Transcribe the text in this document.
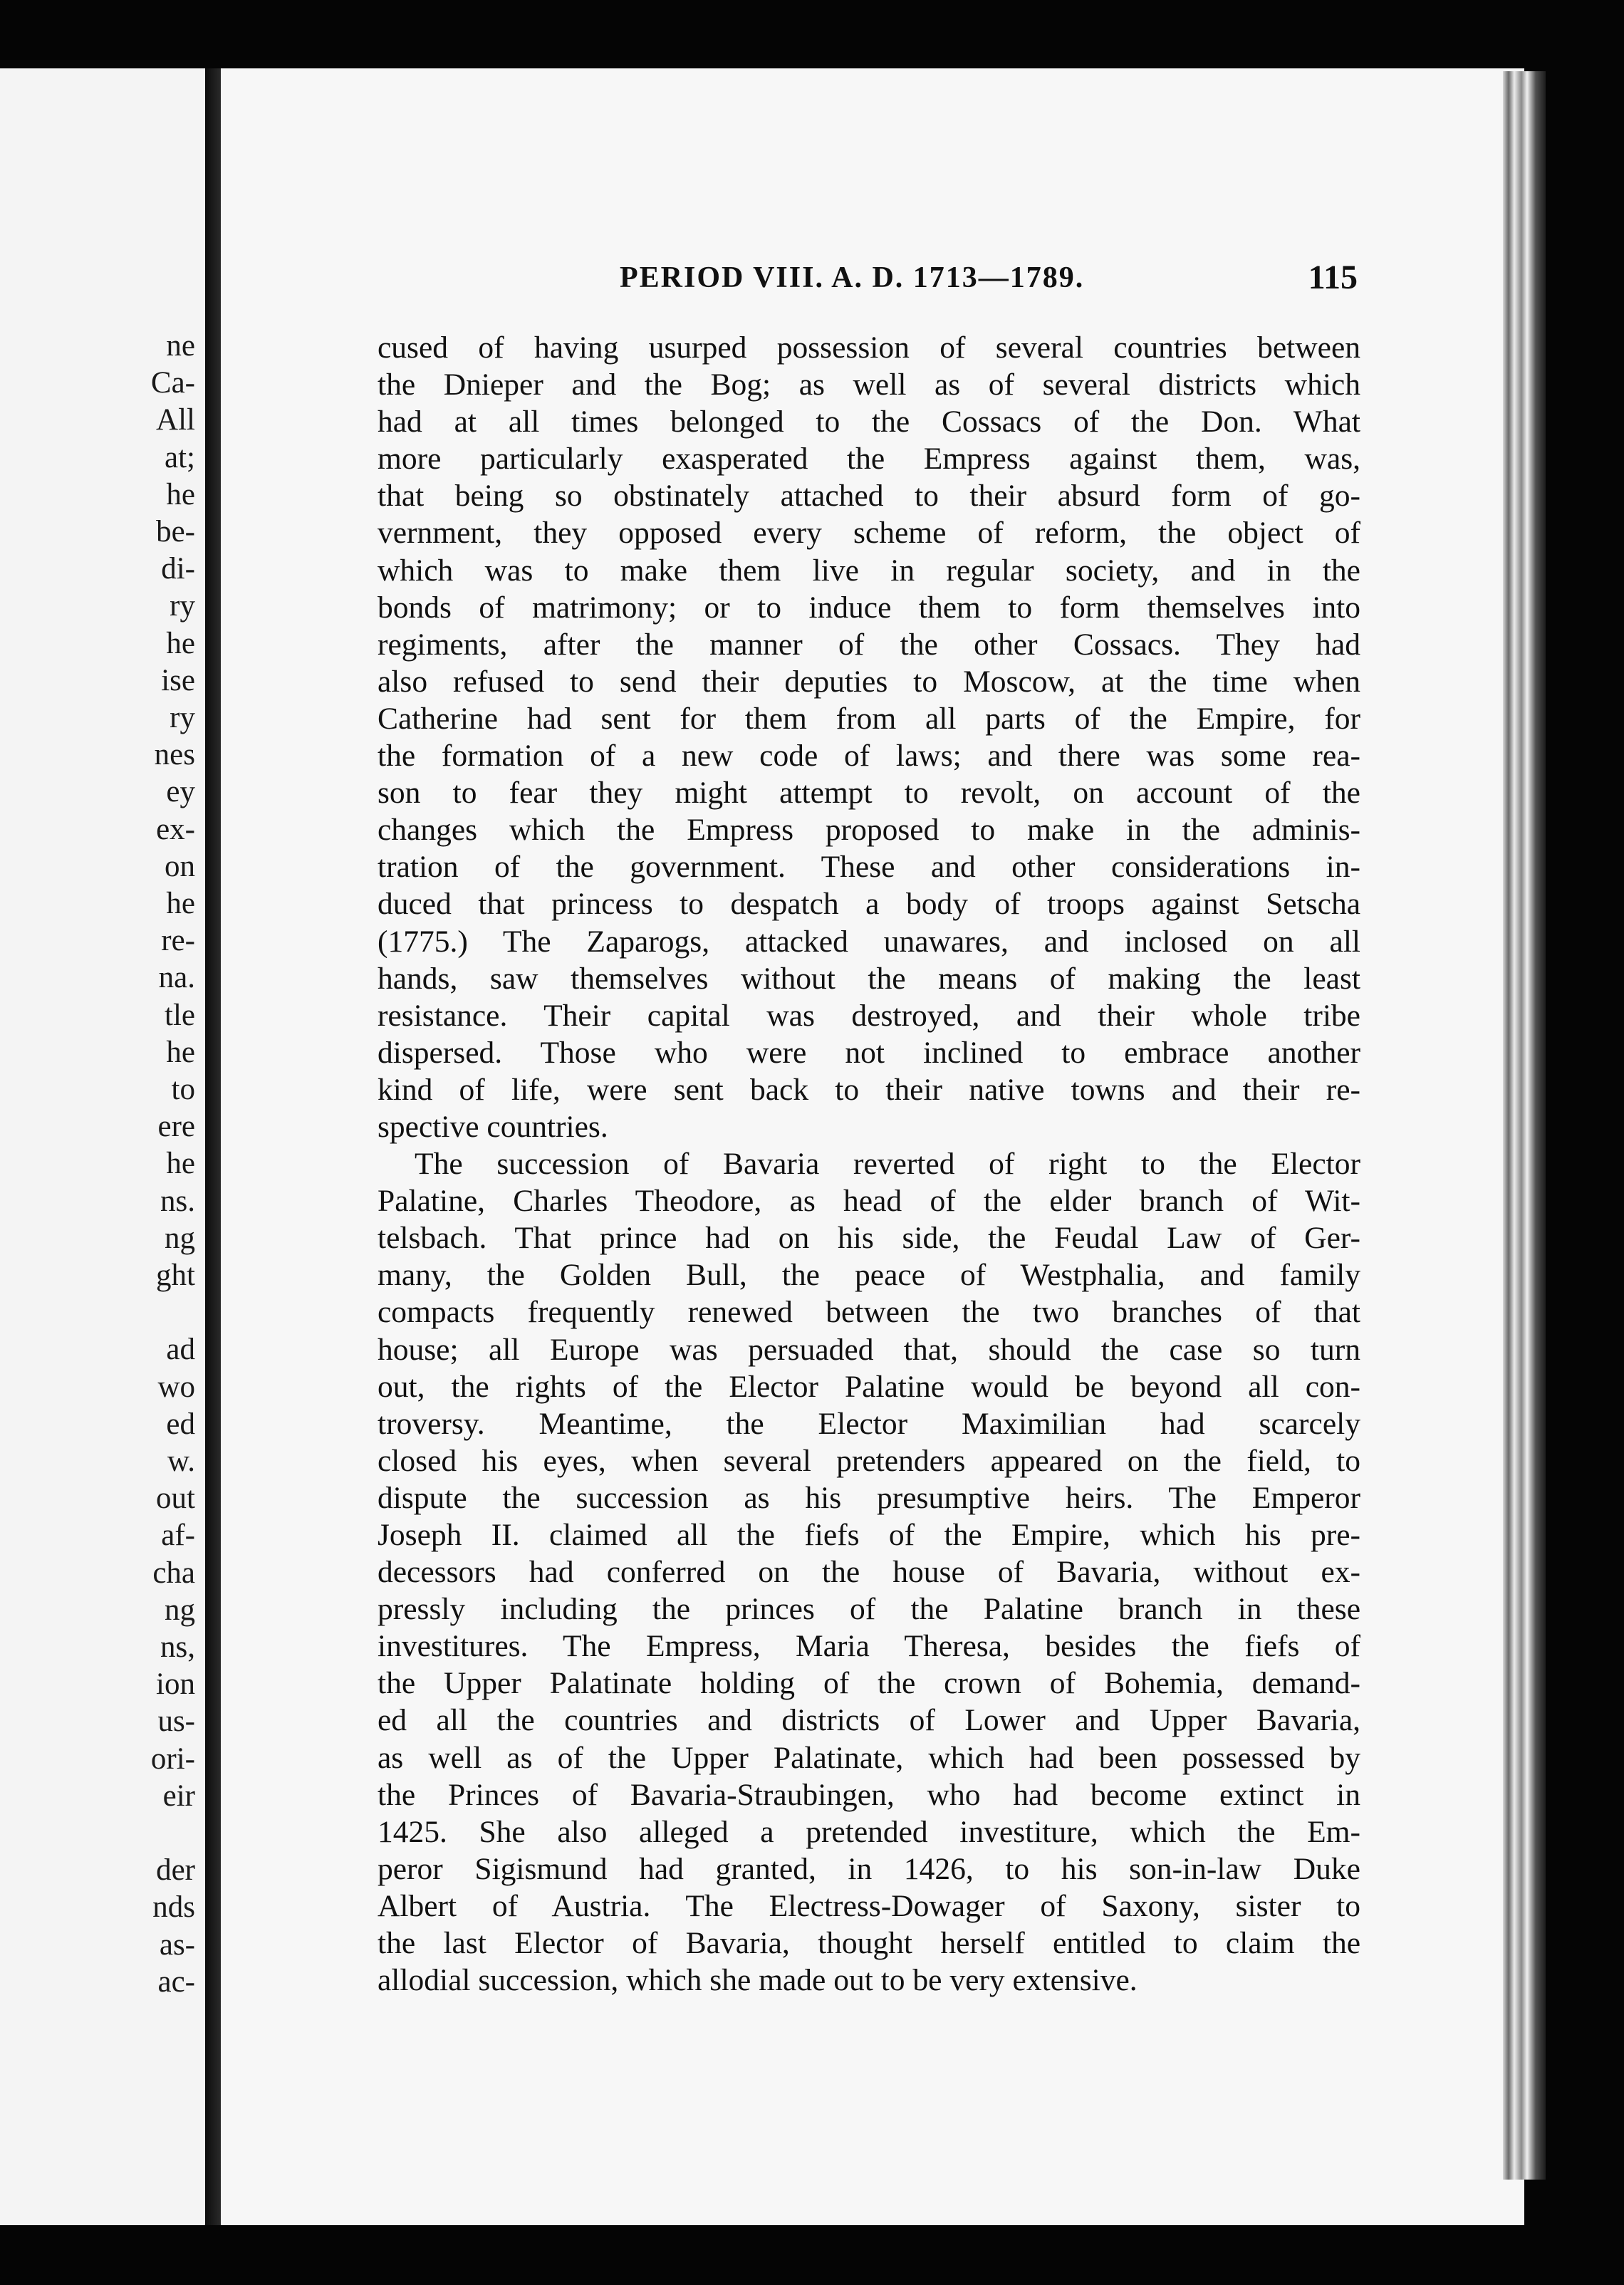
ne
Ca-
All
at;
he
be-
di-
ry
he
ise
ry
nes
ey
ex-
on
he
re-
na.
tle
he
to
ere
he
ns.
ng
ght
ad
wo
ed
w.
out
af-
cha
ng
ns,
ion
us-
ori-
eir
der
nds
as-
ac-
PERIOD VIII. A. D. 1713—1789.	115
cused of having usurped possession of several countries between
the Dnieper and the Bog; as well as of several districts which
had at all times belonged to the Cossacs of the Don. What
more particularly exasperated the Empress against them, was,
that being so obstinately attached to their absurd form of go-
vernment, they opposed every scheme of reform, the object of
which was to make them live in regular society, and in the
bonds of matrimony; or to induce them to form themselves into
regiments, after the manner of the other Cossacs. They had
also refused to send their deputies to Moscow, at the time when
Catherine had sent for them from all parts of the Empire, for
the formation of a new code of laws; and there was some rea-
son to fear they might attempt to revolt, on account of the
changes which the Empress proposed to make in the adminis-
tration of the government. These and other considerations in-
duced that princess to despatch a body of troops against Setscha
(1775.) The Zaparogs, attacked unawares, and inclosed on all
hands, saw themselves without the means of making the least
resistance. Their capital was destroyed, and their whole tribe
dispersed. Those who were not inclined to embrace another
kind of life, were sent back to their native towns and their re-
spective countries.
The succession of Bavaria reverted of right to the Elector
Palatine, Charles Theodore, as head of the elder branch of Wit-
telsbach. That prince had on his side, the Feudal Law of Ger-
many, the Golden Bull, the peace of Westphalia, and family
compacts frequently renewed between the two branches of that
house; all Europe was persuaded that, should the case so turn
out, the rights of the Elector Palatine would be beyond all con-
troversy. Meantime, the Elector Maximilian had scarcely
closed his eyes, when several pretenders appeared on the field, to
dispute the succession as his presumptive heirs. The Emperor
Joseph II. claimed all the fiefs of the Empire, which his pre-
decessors had conferred on the house of Bavaria, without ex-
pressly including the princes of the Palatine branch in these
investitures. The Empress, Maria Theresa, besides the fiefs of
the Upper Palatinate holding of the crown of Bohemia, demand-
ed all the countries and districts of Lower and Upper Bavaria,
as well as of the Upper Palatinate, which had been possessed by
the Princes of Bavaria-Straubingen, who had become extinct in
1425. She also alleged a pretended investiture, which the Em-
peror Sigismund had granted, in 1426, to his son-in-law Duke
Albert of Austria. The Electress-Dowager of Saxony, sister to
the last Elector of Bavaria, thought herself entitled to claim the
allodial succession, which she made out to be very extensive.
